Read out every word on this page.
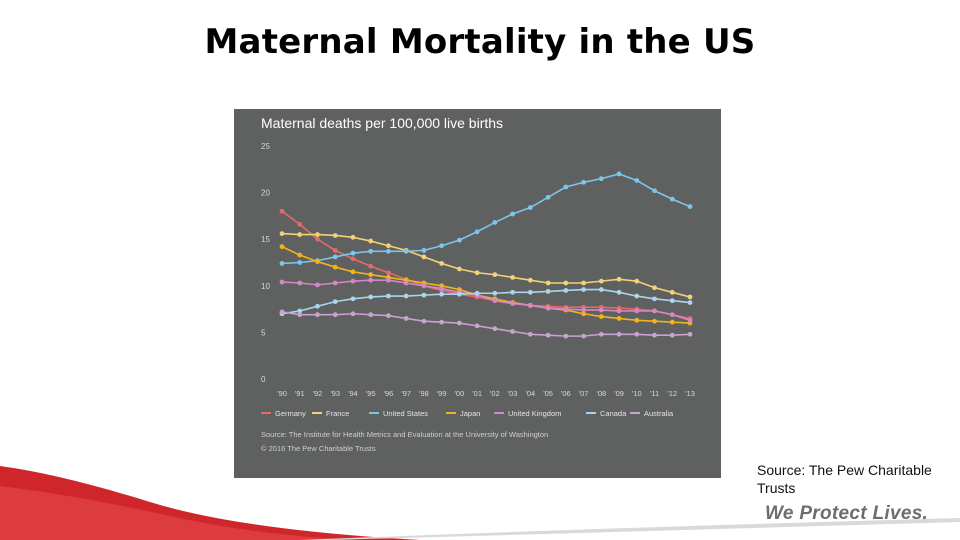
Maternal Mortality in the US
Maternal deaths per 100,000 live births
0
5
10
15
20
25
'90 '91 '92 '93 '94 '95 '96 '97 '98 '99 '00 '01 '02 '03 '04 '05 '06 '07 '08 '09 '10 '11 '12 '13
Germany	France	United States	Japan	United Kingdom	Canada Australia
Source: The Institute for Health Metrics and Evaluation at the University of Washington
© 2016 The Pew Charitable Trusts
Source: The Pew Charitable Trusts
We Protect Lives.
